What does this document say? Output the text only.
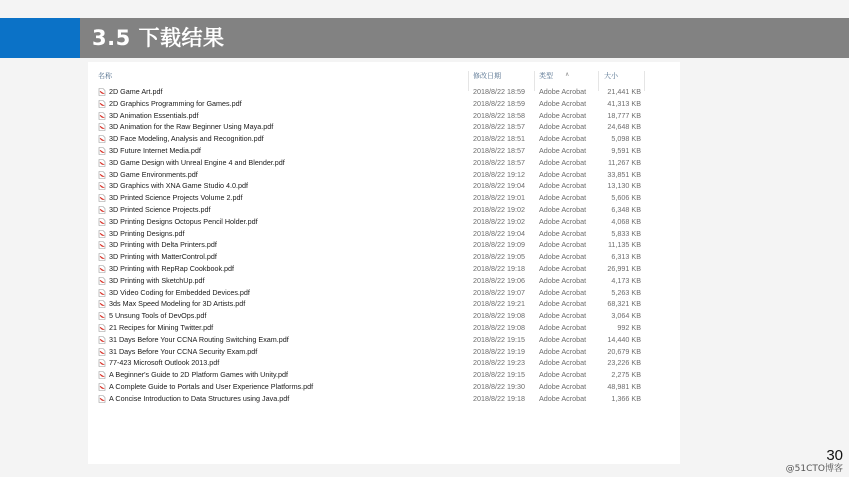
3.5 下载结果
名称	修改日期	类型 ∧	大小
2D Game Art.pdf	2018/8/22 18:59 Adobe Acrobat	21,441 KB
2D Graphics Programming for Games.pdf	2018/8/22 18:59 Adobe Acrobat	41,313 KB
3D Animation Essentials.pdf	2018/8/22 18:58 Adobe Acrobat	18,777 KB
3D Animation for the Raw Beginner Using Maya.pdf	2018/8/22 18:57 Adobe Acrobat	24,648 KB
3D Face Modeling, Analysis and Recognition.pdf	2018/8/22 18:51 Adobe Acrobat	5,098 KB
3D Future Internet Media.pdf	2018/8/22 18:57 Adobe Acrobat	9,591 KB
3D Game Design with Unreal Engine 4 and Blender.pdf	2018/8/22 18:57 Adobe Acrobat	11,267 KB
3D Game Environments.pdf	2018/8/22 19:12 Adobe Acrobat	33,851 KB
3D Graphics with XNA Game Studio 4.0.pdf	2018/8/22 19:04 Adobe Acrobat	13,130 KB
3D Printed Science Projects Volume 2.pdf	2018/8/22 19:01 Adobe Acrobat	5,606 KB
3D Printed Science Projects.pdf	2018/8/22 19:02 Adobe Acrobat	6,348 KB
3D Printing Designs Octopus Pencil Holder.pdf	2018/8/22 19:02 Adobe Acrobat	4,068 KB
3D Printing Designs.pdf	2018/8/22 19:04 Adobe Acrobat	5,833 KB
3D Printing with Delta Printers.pdf	2018/8/22 19:09 Adobe Acrobat	11,135 KB
3D Printing with MatterControl.pdf	2018/8/22 19:05 Adobe Acrobat	6,313 KB
3D Printing with RepRap Cookbook.pdf	2018/8/22 19:18 Adobe Acrobat	26,991 KB
3D Printing with SketchUp.pdf	2018/8/22 19:06 Adobe Acrobat	4,173 KB
3D Video Coding for Embedded Devices.pdf	2018/8/22 19:07 Adobe Acrobat	5,263 KB
3ds Max Speed Modeling for 3D Artists.pdf	2018/8/22 19:21 Adobe Acrobat	68,321 KB
5 Unsung Tools of DevOps.pdf	2018/8/22 19:08 Adobe Acrobat	3,064 KB
21 Recipes for Mining Twitter.pdf	2018/8/22 19:08 Adobe Acrobat	992 KB
31 Days Before Your CCNA Routing Switching Exam.pdf	2018/8/22 19:15 Adobe Acrobat	14,440 KB
31 Days Before Your CCNA Security Exam.pdf	2018/8/22 19:19 Adobe Acrobat	20,679 KB
77-423 Microsoft Outlook 2013.pdf	2018/8/22 19:23 Adobe Acrobat	23,226 KB
A Beginner's Guide to 2D Platform Games with Unity.pdf	2018/8/22 19:15 Adobe Acrobat	2,275 KB
A Complete Guide to Portals and User Experience Platforms.pdf	2018/8/22 19:30 Adobe Acrobat	48,981 KB
A Concise Introduction to Data Structures using Java.pdf	2018/8/22 19:18 Adobe Acrobat	1,366 KB
30
@51CTO博客
